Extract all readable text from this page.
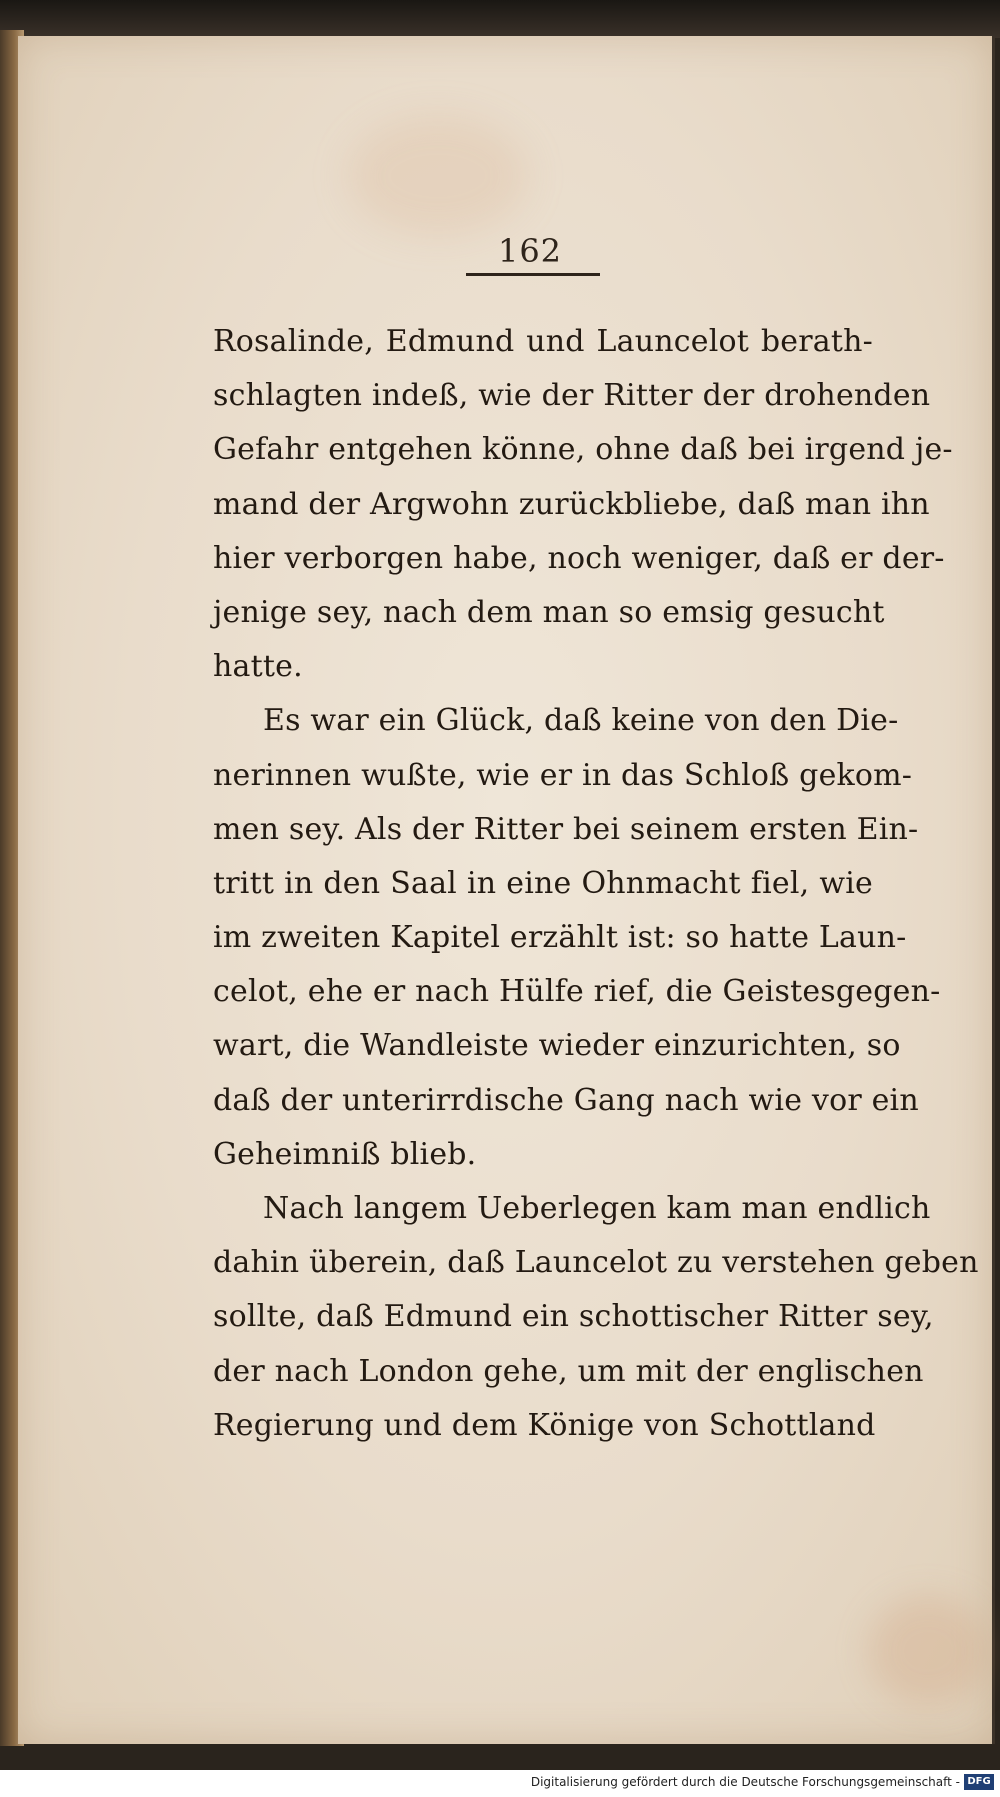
162
Rosalinde, Edmund und Launcelot berath-
schlagten indeß, wie der Ritter der drohenden
Gefahr entgehen könne, ohne daß bei irgend je-
mand der Argwohn zurückbliebe, daß man ihn
hier verborgen habe, noch weniger, daß er der-
jenige sey, nach dem man so emsig gesucht
hatte.
Es war ein Glück, daß keine von den Die-
nerinnen wußte, wie er in das Schloß gekom-
men sey. Als der Ritter bei seinem ersten Ein-
tritt in den Saal in eine Ohnmacht fiel, wie
im zweiten Kapitel erzählt ist: so hatte Laun-
celot, ehe er nach Hülfe rief, die Geistesgegen-
wart, die Wandleiste wieder einzurichten, so
daß der unterirrdische Gang nach wie vor ein
Geheimniß blieb.
Nach langem Ueberlegen kam man endlich
dahin überein, daß Launcelot zu verstehen geben
sollte, daß Edmund ein schottischer Ritter sey,
der nach London gehe, um mit der englischen
Regierung und dem Könige von Schottland
Digitalisierung gefördert durch die Deutsche Forschungsgemeinschaft - DFG
